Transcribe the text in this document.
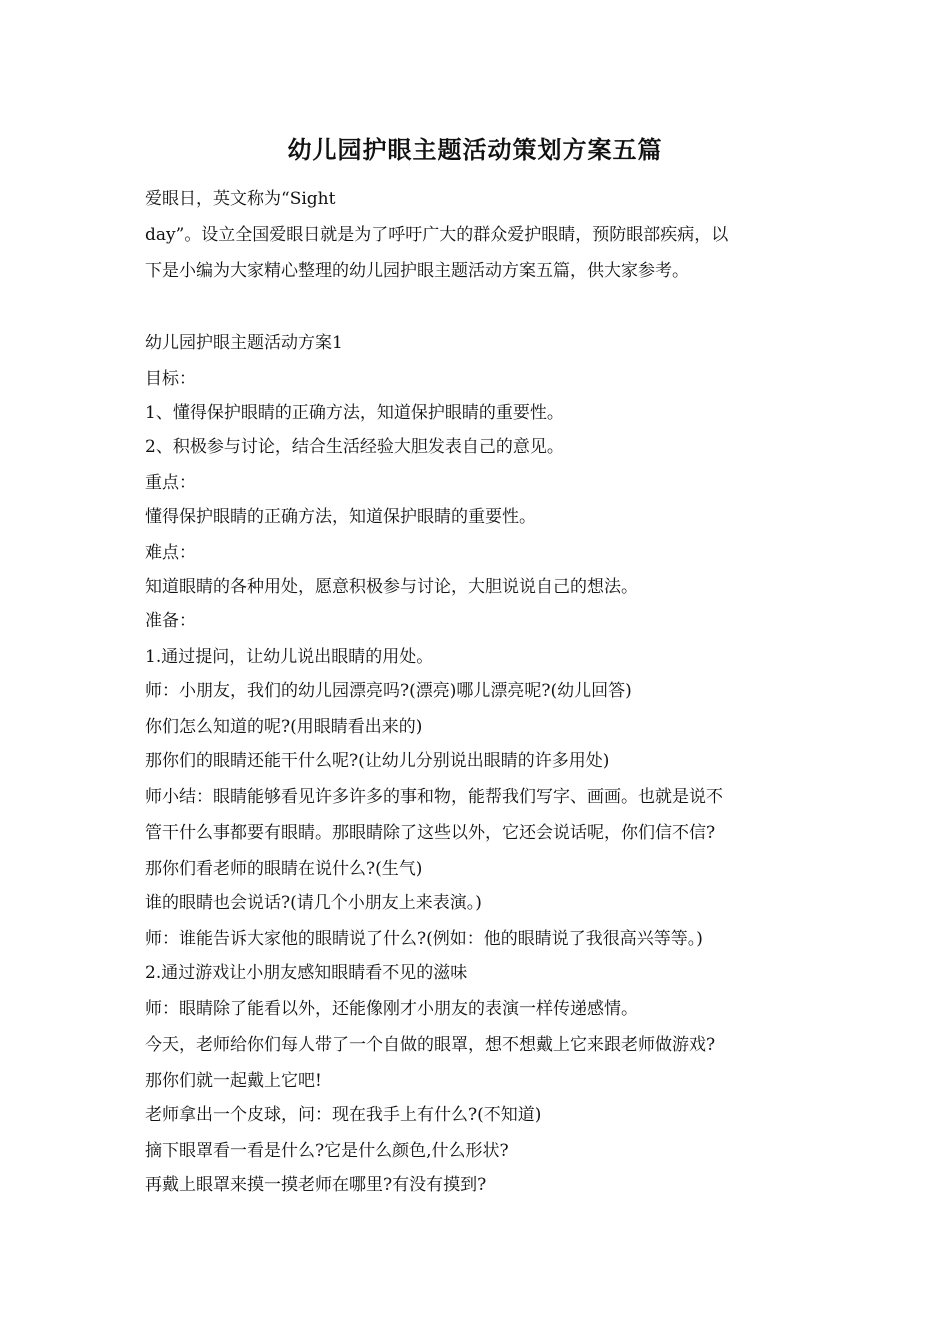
幼儿园护眼主题活动策划方案五篇
爱眼日，英文称为“Sight
day”。设立全国爱眼日就是为了呼吁广大的群众爱护眼睛，预防眼部疾病，以
下是小编为大家精心整理的幼儿园护眼主题活动方案五篇，供大家参考。
幼儿园护眼主题活动方案1
目标：
1、懂得保护眼睛的正确方法，知道保护眼睛的重要性。
2、积极参与讨论，结合生活经验大胆发表自己的意见。
重点：
懂得保护眼睛的正确方法，知道保护眼睛的重要性。
难点：
知道眼睛的各种用处，愿意积极参与讨论，大胆说说自己的想法。
准备：
1.通过提问，让幼儿说出眼睛的用处。
师：小朋友，我们的幼儿园漂亮吗?(漂亮)哪儿漂亮呢?(幼儿回答)
你们怎么知道的呢?(用眼睛看出来的)
那你们的眼睛还能干什么呢?(让幼儿分别说出眼睛的许多用处)
师小结：眼睛能够看见许多许多的事和物，能帮我们写字、画画。也就是说不
管干什么事都要有眼睛。那眼睛除了这些以外，它还会说话呢，你们信不信?
那你们看老师的眼睛在说什么?(生气)
谁的眼睛也会说话?(请几个小朋友上来表演。)
师：谁能告诉大家他的眼睛说了什么?(例如：他的眼睛说了我很高兴等等。)
2.通过游戏让小朋友感知眼睛看不见的滋味
师：眼睛除了能看以外，还能像刚才小朋友的表演一样传递感情。
今天，老师给你们每人带了一个自做的眼罩，想不想戴上它来跟老师做游戏?
那你们就一起戴上它吧!
老师拿出一个皮球，问：现在我手上有什么?(不知道)
摘下眼罩看一看是什么?它是什么颜色,什么形状?
再戴上眼罩来摸一摸老师在哪里?有没有摸到?
